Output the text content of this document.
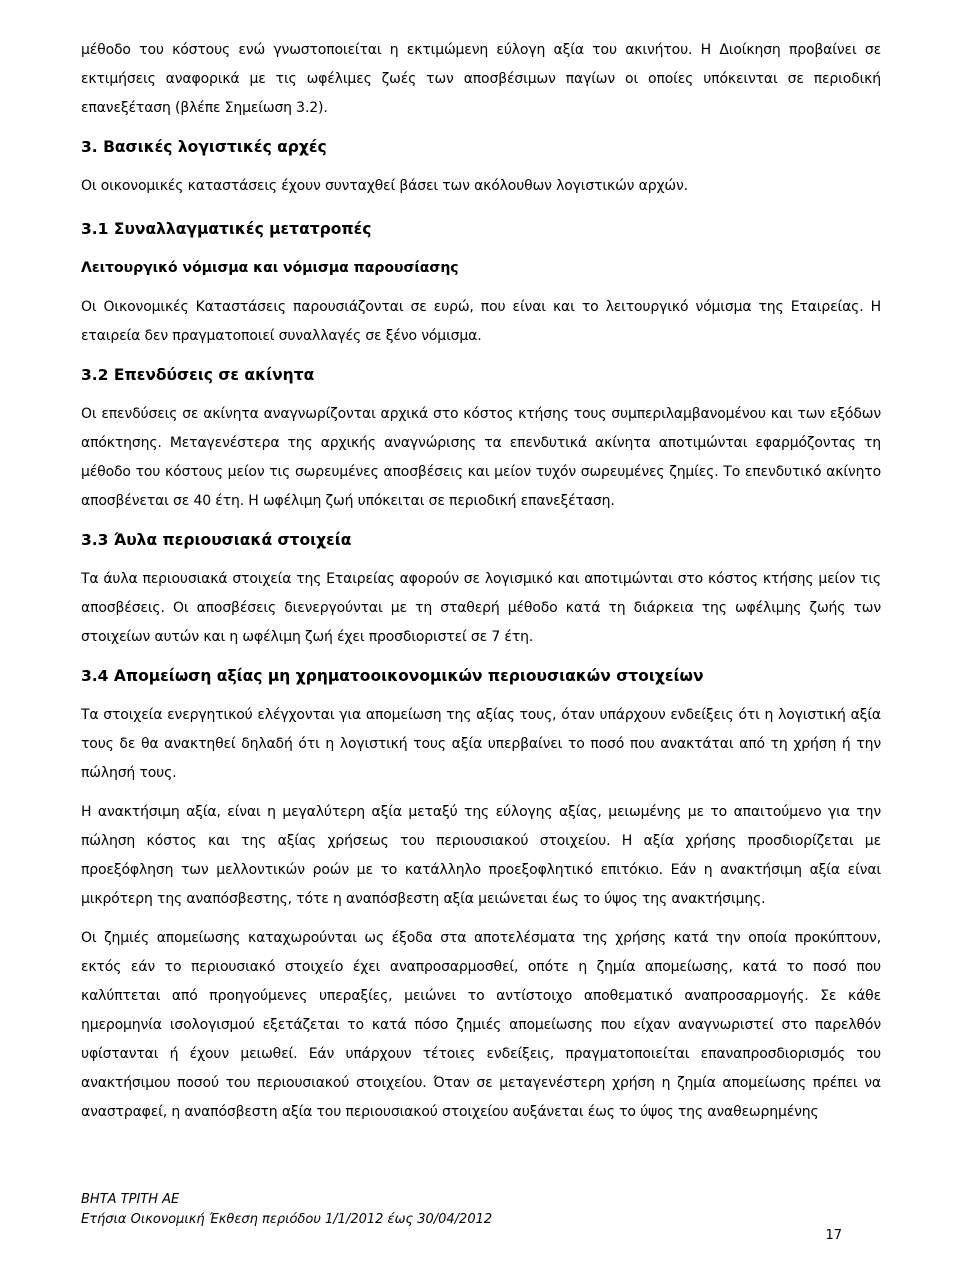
μέθοδο του κόστους ενώ γνωστοποιείται η εκτιμώμενη εύλογη αξία του ακινήτου. Η Διοίκηση προβαίνει σε εκτιμήσεις αναφορικά με τις ωφέλιμες ζωές των αποσβέσιμων παγίων οι οποίες υπόκεινται σε περιοδική επανεξέταση (βλέπε Σημείωση 3.2).

3. Βασικές λογιστικές αρχές

Οι οικονομικές καταστάσεις έχουν συνταχθεί βάσει των ακόλουθων λογιστικών αρχών.

3.1 Συναλλαγματικές μετατροπές
Λειτουργικό νόμισμα και νόμισμα παρουσίασης

Οι Οικονομικές Καταστάσεις παρουσιάζονται σε ευρώ, που είναι και το λειτουργικό νόμισμα της Εταιρείας. Η εταιρεία δεν πραγματοποιεί συναλλαγές σε ξένο νόμισμα.

3.2 Επενδύσεις σε ακίνητα

Οι επενδύσεις σε ακίνητα αναγνωρίζονται αρχικά στο κόστος κτήσης τους συμπεριλαμβανομένου και των εξόδων απόκτησης. Μεταγενέστερα της αρχικής αναγνώρισης τα επενδυτικά ακίνητα αποτιμώνται εφαρμόζοντας τη μέθοδο του κόστους μείον τις σωρευμένες αποσβέσεις και μείον τυχόν σωρευμένες ζημίες. Το επενδυτικό ακίνητο αποσβένεται σε 40 έτη. Η ωφέλιμη ζωή υπόκειται σε περιοδική επανεξέταση.

3.3 Άυλα περιουσιακά στοιχεία

Τα άυλα περιουσιακά στοιχεία της Εταιρείας αφορούν σε λογισμικό και αποτιμώνται στο κόστος κτήσης μείον τις αποσβέσεις. Οι αποσβέσεις διενεργούνται με τη σταθερή μέθοδο κατά τη διάρκεια της ωφέλιμης ζωής των στοιχείων αυτών και η ωφέλιμη ζωή έχει προσδιοριστεί σε 7 έτη.

3.4 Απομείωση αξίας μη χρηματοοικονομικών περιουσιακών στοιχείων

Τα στοιχεία ενεργητικού ελέγχονται για απομείωση της αξίας τους, όταν υπάρχουν ενδείξεις ότι η λογιστική αξία τους δε θα ανακτηθεί δηλαδή ότι η λογιστική τους αξία υπερβαίνει το ποσό που ανακτάται από τη χρήση ή την πώλησή τους.

Η ανακτήσιμη αξία, είναι η μεγαλύτερη αξία μεταξύ της εύλογης αξίας, μειωμένης με το απαιτούμενο για την πώληση κόστος και της αξίας χρήσεως του περιουσιακού στοιχείου. Η αξία χρήσης προσδιορίζεται με προεξόφληση των μελλοντικών ροών με το κατάλληλο προεξοφλητικό επιτόκιο. Εάν η ανακτήσιμη αξία είναι μικρότερη της αναπόσβεστης, τότε η αναπόσβεστη αξία μειώνεται έως το ύψος της ανακτήσιμης.

Οι ζημιές απομείωσης καταχωρούνται ως έξοδα στα αποτελέσματα της χρήσης κατά την οποία προκύπτουν, εκτός εάν το περιουσιακό στοιχείο έχει αναπροσαρμοσθεί, οπότε η ζημία απομείωσης, κατά το ποσό που καλύπτεται από προηγούμενες υπεραξίες, μειώνει το αντίστοιχο αποθεματικό αναπροσαρμογής. Σε κάθε ημερομηνία ισολογισμού εξετάζεται το κατά πόσο ζημιές απομείωσης που είχαν αναγνωριστεί στο παρελθόν υφίστανται ή έχουν μειωθεί. Εάν υπάρχουν τέτοιες ενδείξεις, πραγματοποιείται επαναπροσδιορισμός του ανακτήσιμου ποσού του περιουσιακού στοιχείου. Όταν σε μεταγενέστερη χρήση η ζημία απομείωσης πρέπει να αναστραφεί, η αναπόσβεστη αξία του περιουσιακού στοιχείου αυξάνεται έως το ύψος της αναθεωρημένης

ΒΗΤΑ ΤΡΙΤΗ ΑΕ
Ετήσια Οικονομική Έκθεση περιόδου 1/1/2012 έως 30/04/2012
17
